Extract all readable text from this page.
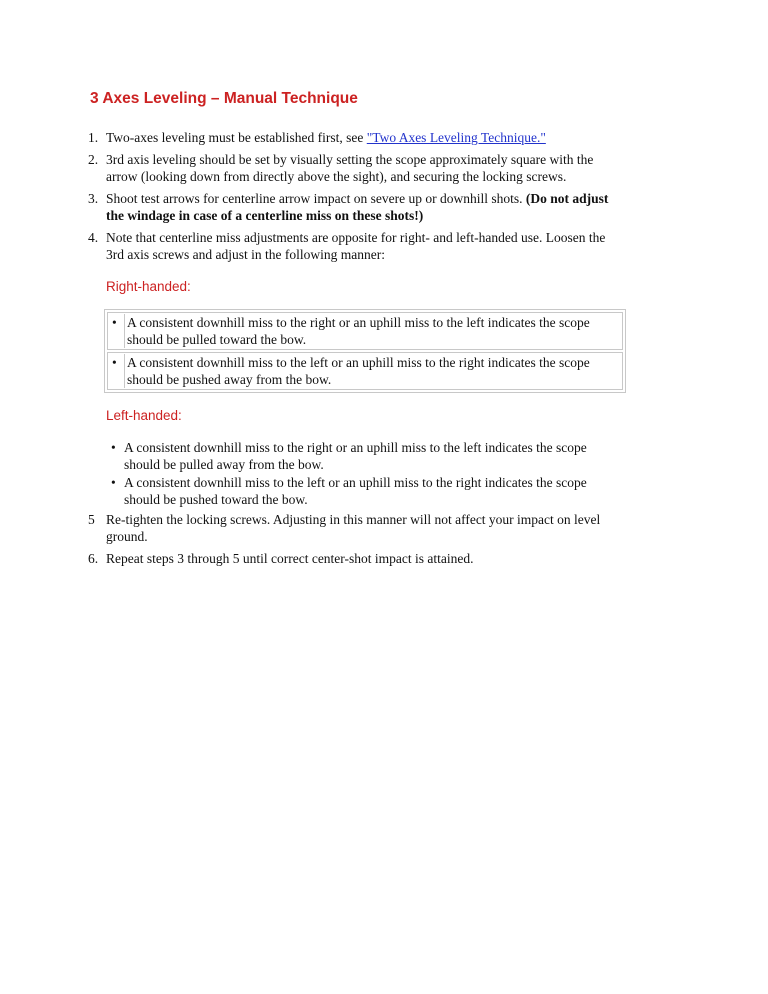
3 Axes Leveling – Manual Technique
1. Two-axes leveling must be established first, see "Two Axes Leveling Technique."
2. 3rd axis leveling should be set by visually setting the scope approximately square with the arrow (looking down from directly above the sight), and securing the locking screws.
3. Shoot test arrows for centerline arrow impact on severe up or downhill shots. (Do not adjust the windage in case of a centerline miss on these shots!)
4. Note that centerline miss adjustments are opposite for right- and left-handed use. Loosen the 3rd axis screws and adjust in the following manner:

Right-handed:

• A consistent downhill miss to the right or an uphill miss to the left indicates the scope should be pulled toward the bow.
• A consistent downhill miss to the left or an uphill miss to the right indicates the scope should be pushed away from the bow.

Left-handed:

• A consistent downhill miss to the right or an uphill miss to the left indicates the scope should be pulled away from the bow.
• A consistent downhill miss to the left or an uphill miss to the right indicates the scope should be pushed toward the bow.
5 Re-tighten the locking screws. Adjusting in this manner will not affect your impact on level ground.
6. Repeat steps 3 through 5 until correct center-shot impact is attained.
